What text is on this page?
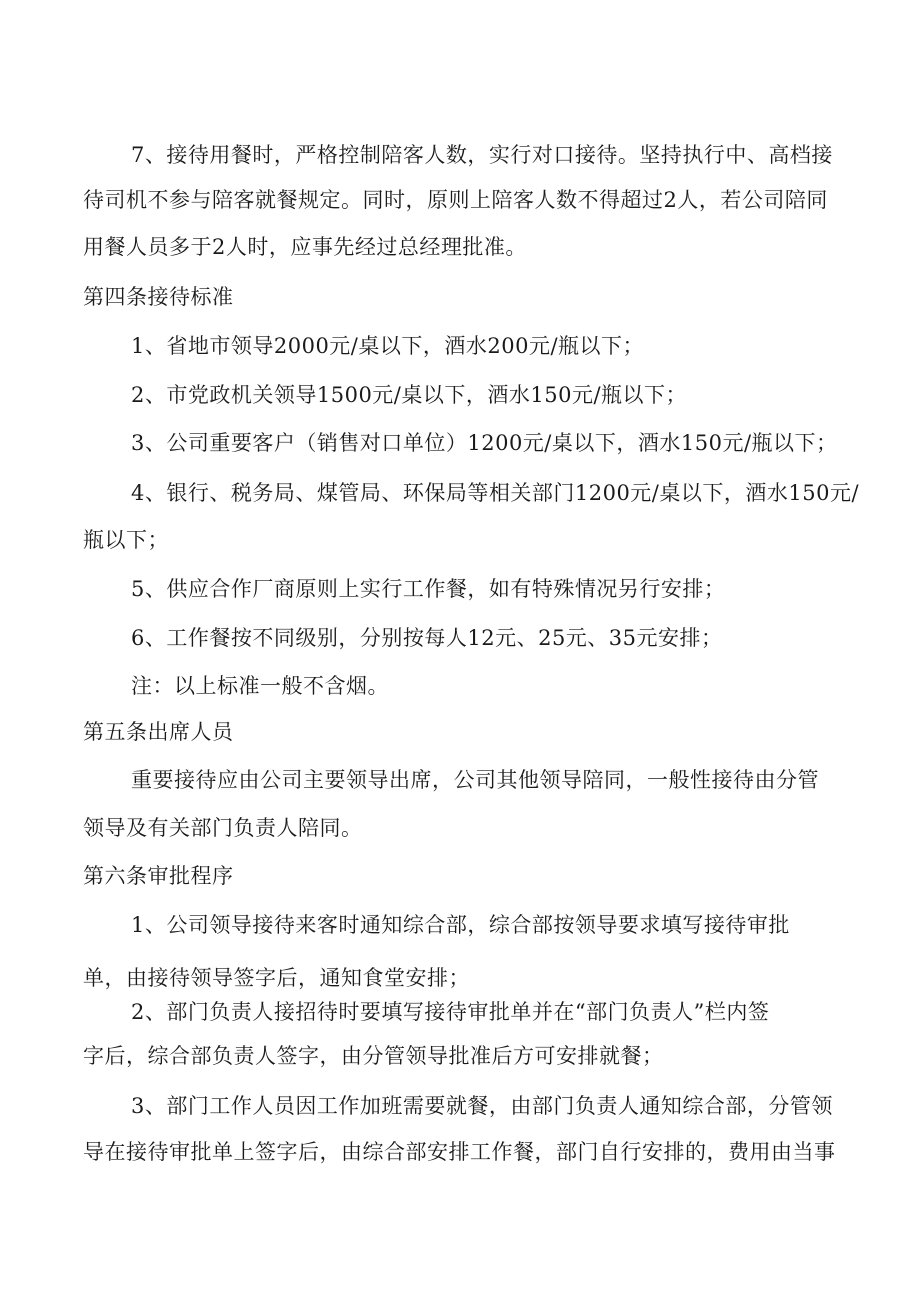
7、接待用餐时，严格控制陪客人数，实行对口接待。坚持执行中、高档接
待司机不参与陪客就餐规定。同时，原则上陪客人数不得超过2人，若公司陪同
用餐人员多于2人时，应事先经过总经理批准。
第四条接待标准
1、省地市领导2000元/桌以下，酒水200元/瓶以下；
2、市党政机关领导1500元/桌以下，酒水150元/瓶以下；
3、公司重要客户（销售对口单位）1200元/桌以下，酒水150元/瓶以下；
4、银行、税务局、煤管局、环保局等相关部门1200元/桌以下，酒水150元/
瓶以下；
5、供应合作厂商原则上实行工作餐，如有特殊情况另行安排；
6、工作餐按不同级别，分别按每人12元、25元、35元安排；
注：以上标准一般不含烟。
第五条出席人员
重要接待应由公司主要领导出席，公司其他领导陪同，一般性接待由分管
领导及有关部门负责人陪同。
第六条审批程序
1、公司领导接待来客时通知综合部，综合部按领导要求填写接待审批
单，由接待领导签字后，通知食堂安排；
2、部门负责人接招待时要填写接待审批单并在“部门负责人”栏内签
字后，综合部负责人签字，由分管领导批准后方可安排就餐；
3、部门工作人员因工作加班需要就餐，由部门负责人通知综合部，分管领
导在接待审批单上签字后，由综合部安排工作餐，部门自行安排的，费用由当事
